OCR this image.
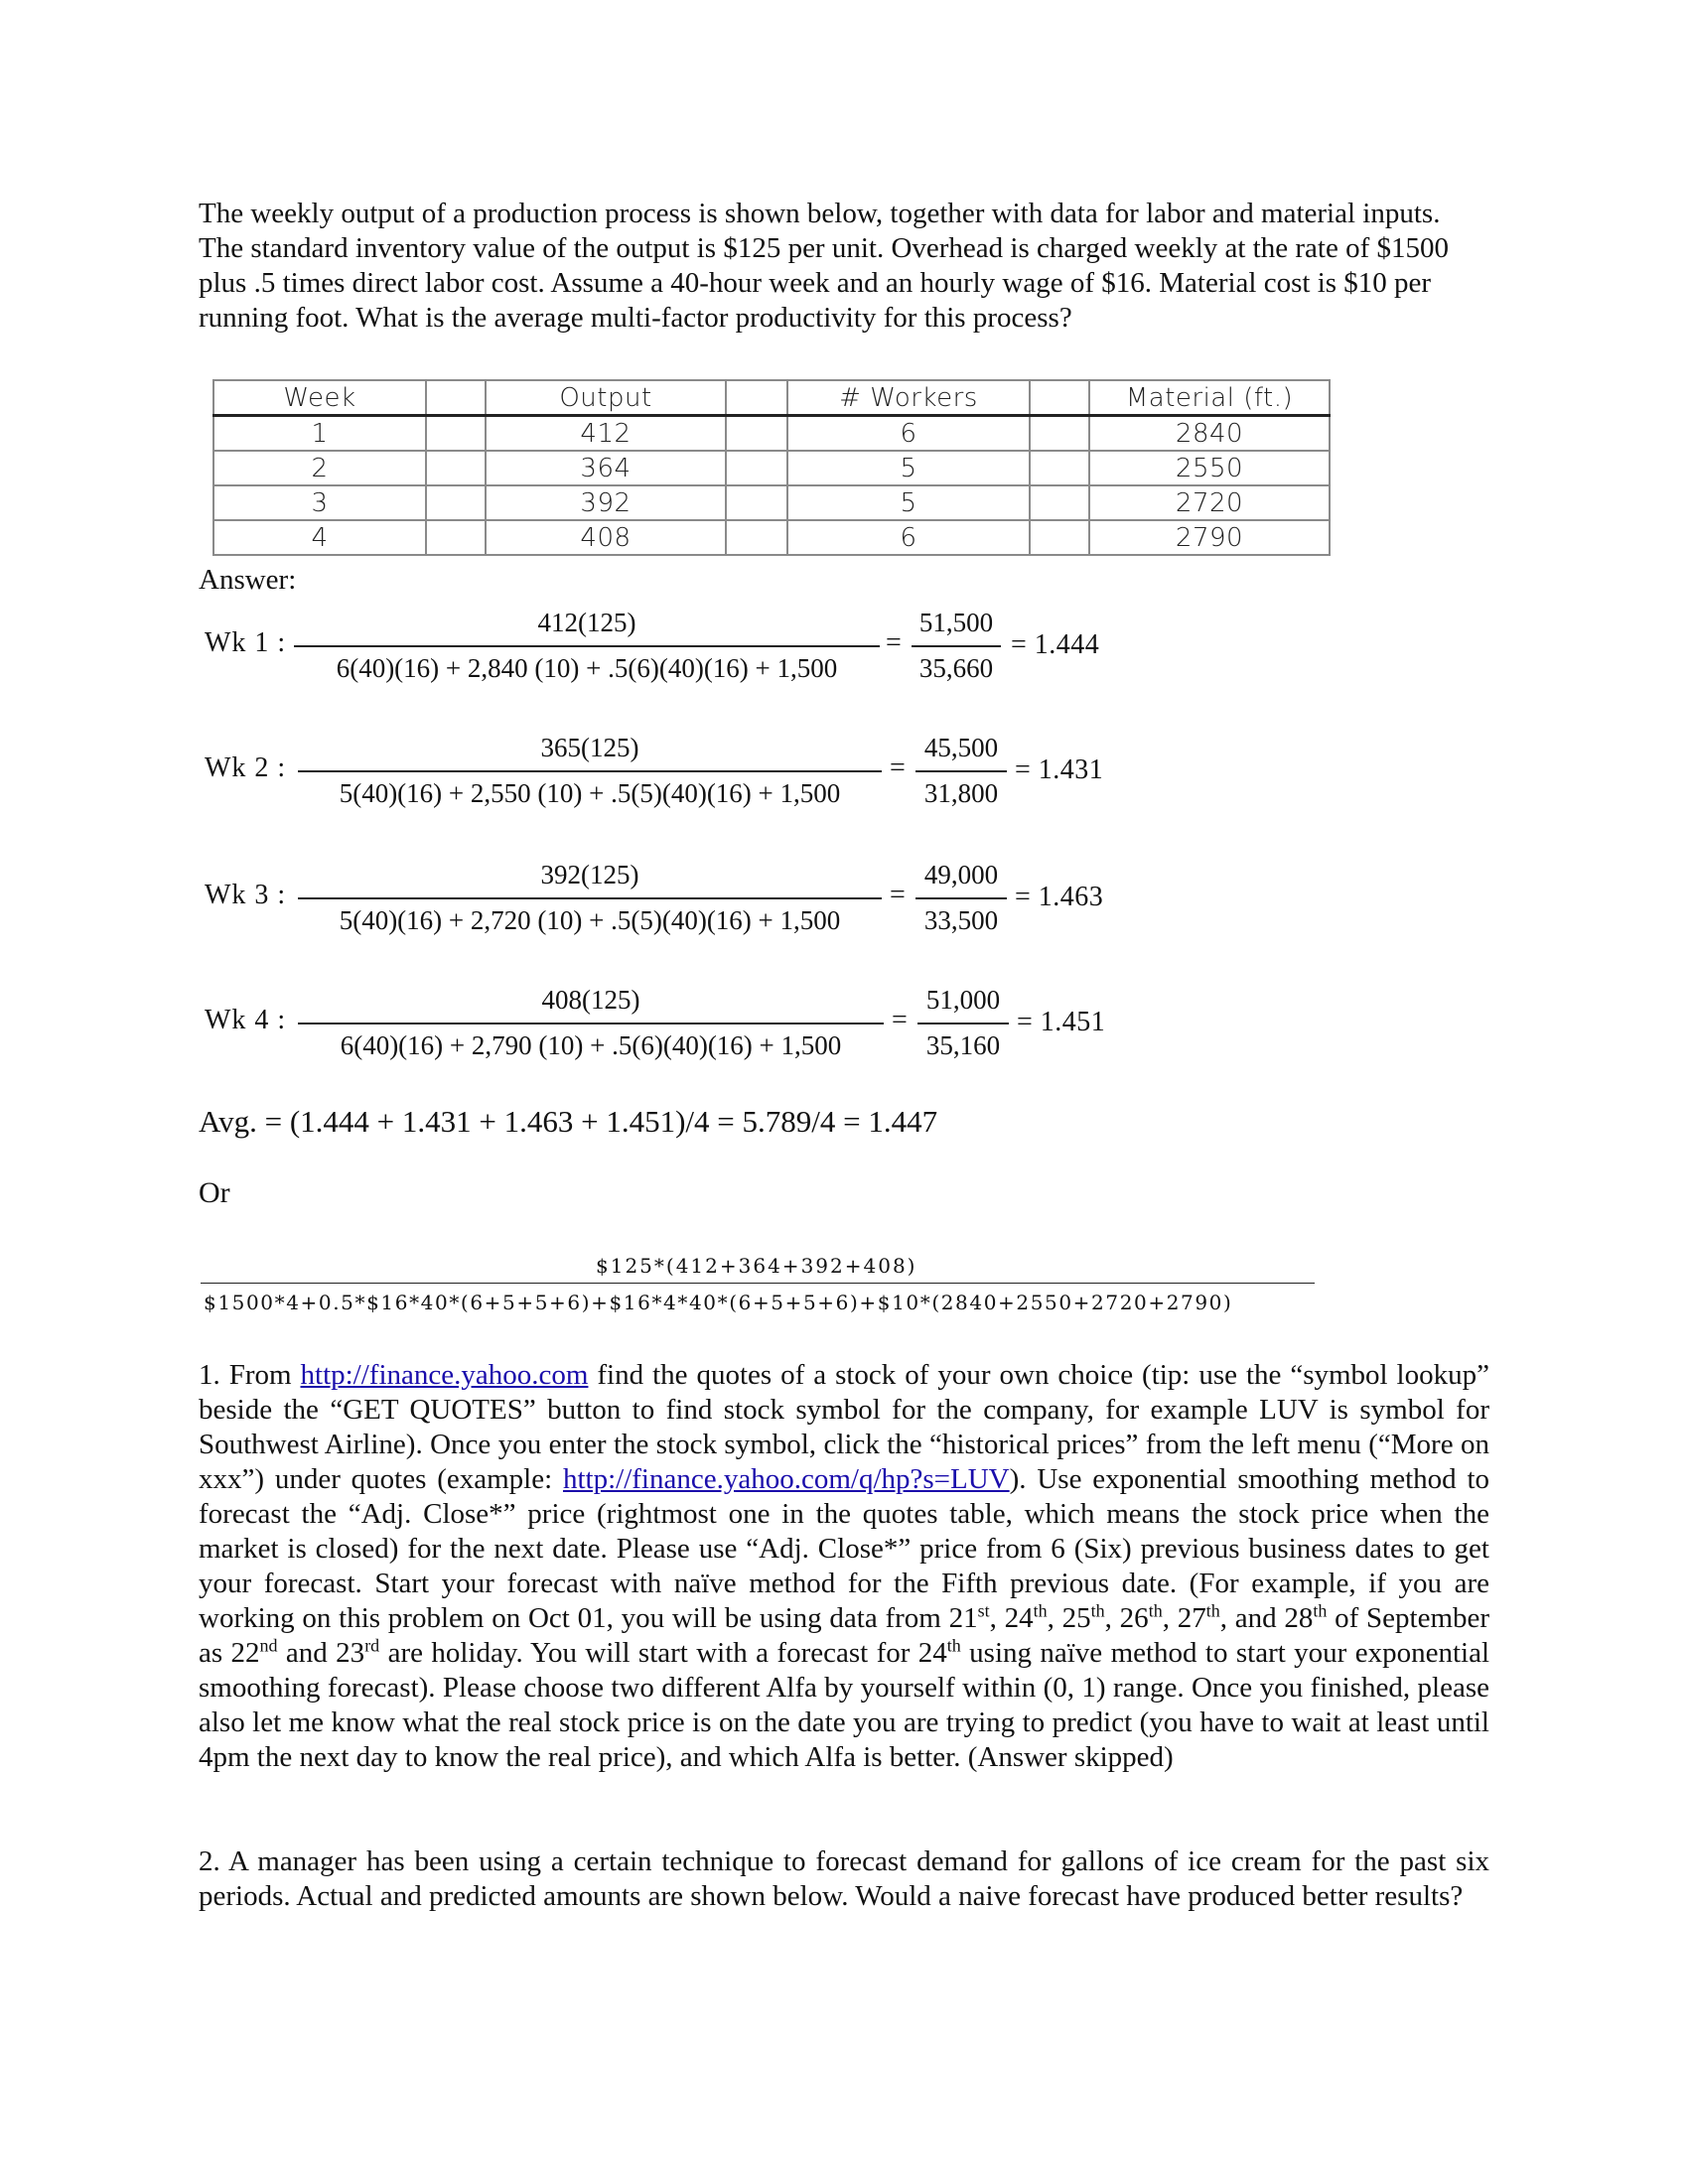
The weekly output of a production process is shown below, together with data for labor and material inputs. The standard inventory value of the output is $125 per unit. Overhead is charged weekly at the rate of $1500 plus .5 times direct labor cost. Assume a 40-hour week and an hourly wage of $16. Material cost is $10 per running foot. What is the average multi-factor productivity for this process?
Week		Output		# Workers		Material (ft.)
1		412		6		2840
2		364		5		2550
3		392		5		2720
4		408		6		2790
Answer:
Wk 1 :
412(125)
6(40)(16) + 2,840 (10) + .5(6)(40)(16) + 1,500
=
51,500
35,660
= 1.444
Wk 2 :
365(125)
5(40)(16) + 2,550 (10) + .5(5)(40)(16) + 1,500
=
45,500
31,800
= 1.431
Wk 3 :
392(125)
5(40)(16) + 2,720 (10) + .5(5)(40)(16) + 1,500
=
49,000
33,500
= 1.463
Wk 4 :
408(125)
6(40)(16) + 2,790 (10) + .5(6)(40)(16) + 1,500
=
51,000
35,160
= 1.451
Avg. = (1.444 + 1.431 + 1.463 + 1.451)/4 = 5.789/4 = 1.447
Or
$125*(412+364+392+408)
$1500*4+0.5*$16*40*(6+5+5+6)+$16*4*40*(6+5+5+6)+$10*(2840+2550+2720+2790)
1. From http://finance.yahoo.com find the quotes of a stock of your own choice (tip: use the “symbol lookup” beside the “GET QUOTES” button to find stock symbol for the company, for example LUV is symbol for Southwest Airline). Once you enter the stock symbol, click the “historical prices” from the left menu (“More on xxx”) under quotes (example: http://finance.yahoo.com/q/hp?s=LUV). Use exponential smoothing method to forecast the “Adj. Close*” price (rightmost one in the quotes table, which means the stock price when the market is closed) for the next date. Please use “Adj. Close*” price from 6 (Six) previous business dates to get your forecast. Start your forecast with naïve method for the Fifth previous date. (For example, if you are working on this problem on Oct 01, you will be using data from 21st, 24th, 25th, 26th, 27th, and 28th of September as 22nd and 23rd are holiday. You will start with a forecast for 24th using naïve method to start your exponential smoothing forecast). Please choose two different Alfa by yourself within (0, 1) range. Once you finished, please also let me know what the real stock price is on the date you are trying to predict (you have to wait at least until 4pm the next day to know the real price), and which Alfa is better. (Answer skipped)
2. A manager has been using a certain technique to forecast demand for gallons of ice cream for the past six periods. Actual and predicted amounts are shown below. Would a naive forecast have produced better results?
